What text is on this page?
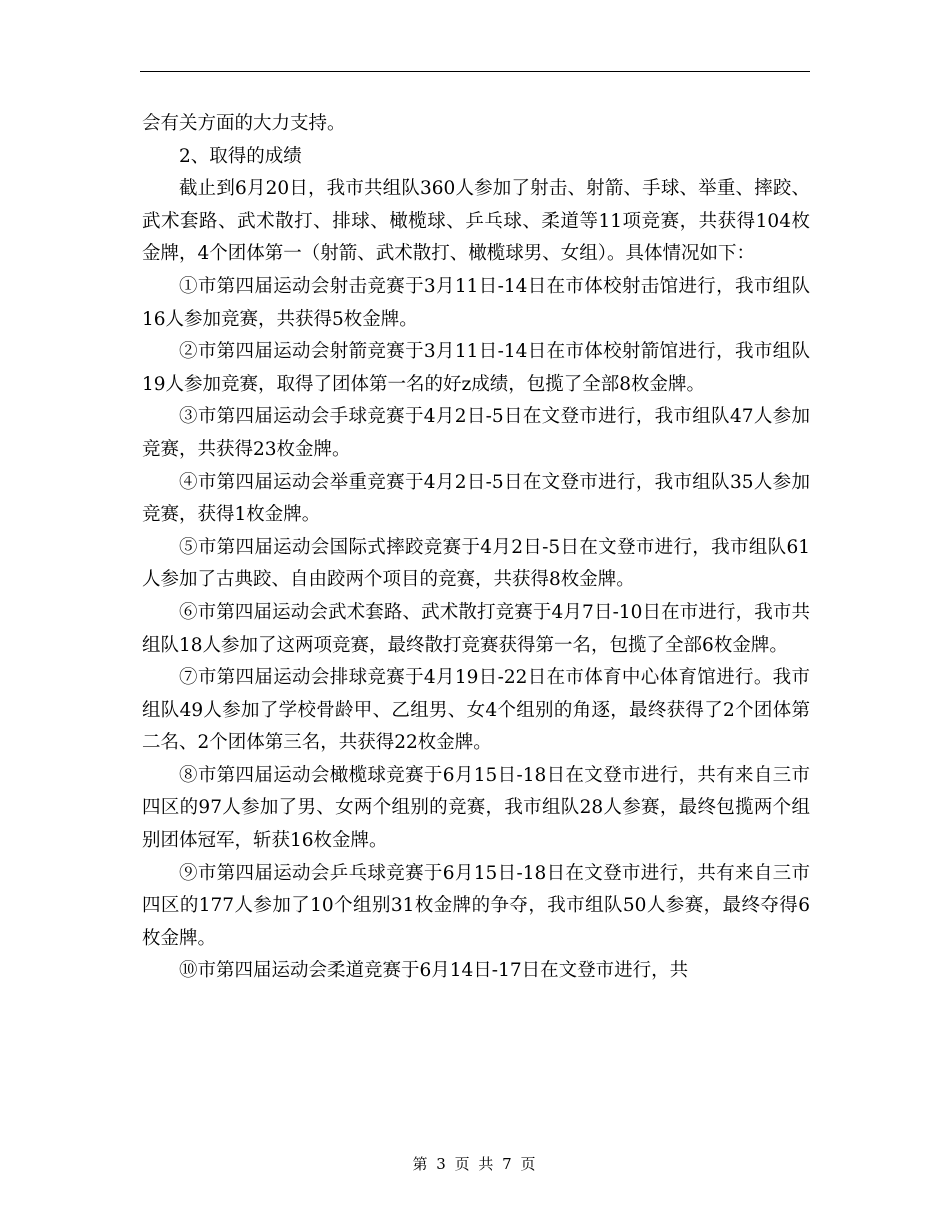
会有关方面的大力支持。

2、取得的成绩

截止到6月20日，我市共组队360人参加了射击、射箭、手球、举重、摔跤、武术套路、武术散打、排球、橄榄球、乒乓球、柔道等11项竞赛，共获得104枚金牌，4个团体第一（射箭、武术散打、橄榄球男、女组）。具体情况如下：

①市第四届运动会射击竞赛于3月11日-14日在市体校射击馆进行，我市组队16人参加竞赛，共获得5枚金牌。

②市第四届运动会射箭竞赛于3月11日-14日在市体校射箭馆进行，我市组队19人参加竞赛，取得了团体第一名的好z成绩，包揽了全部8枚金牌。

③市第四届运动会手球竞赛于4月2日-5日在文登市进行，我市组队47人参加竞赛，共获得23枚金牌。

④市第四届运动会举重竞赛于4月2日-5日在文登市进行，我市组队35人参加竞赛，获得1枚金牌。

⑤市第四届运动会国际式摔跤竞赛于4月2日-5日在文登市进行，我市组队61人参加了古典跤、自由跤两个项目的竞赛，共获得8枚金牌。

⑥市第四届运动会武术套路、武术散打竞赛于4月7日-10日在市进行，我市共组队18人参加了这两项竞赛，最终散打竞赛获得第一名，包揽了全部6枚金牌。

⑦市第四届运动会排球竞赛于4月19日-22日在市体育中心体育馆进行。我市组队49人参加了学校骨龄甲、乙组男、女4个组别的角逐，最终获得了2个团体第二名、2个团体第三名，共获得22枚金牌。

⑧市第四届运动会橄榄球竞赛于6月15日-18日在文登市进行，共有来自三市四区的97人参加了男、女两个组别的竞赛，我市组队28人参赛，最终包揽两个组别团体冠军，斩获16枚金牌。

⑨市第四届运动会乒乓球竞赛于6月15日-18日在文登市进行，共有来自三市四区的177人参加了10个组别31枚金牌的争夺，我市组队50人参赛，最终夺得6枚金牌。

⑩市第四届运动会柔道竞赛于6月14日-17日在文登市进行，共

第 3 页 共 7 页
